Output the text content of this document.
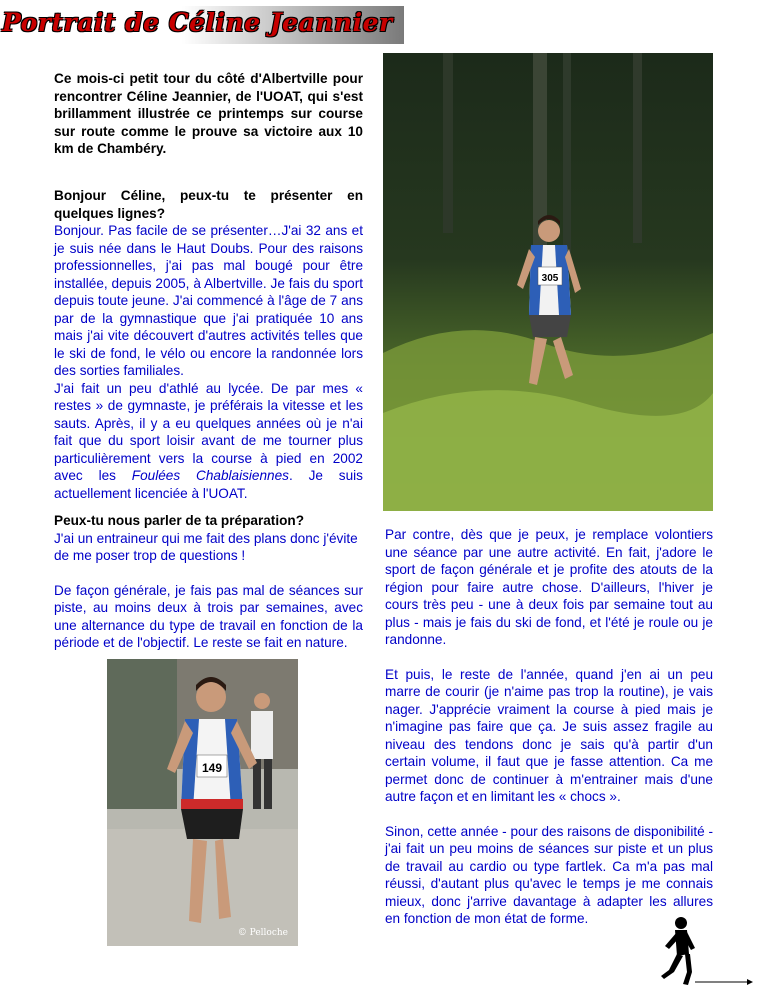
Portrait de Céline Jeannier
Ce mois-ci petit tour du côté d'Albertville pour rencontrer Céline Jeannier, de l'UOAT, qui s'est brillamment illustrée ce printemps sur course sur route comme le prouve sa victoire aux 10 km de Chambéry.

Bonjour Céline, peux-tu te présenter en quelques lignes?

Bonjour. Pas facile de se présenter…J'ai 32 ans et je suis née dans le Haut Doubs. Pour des raisons professionnelles, j'ai pas mal bougé pour être installée, depuis 2005, à Albertville. Je fais du sport depuis toute jeune. J'ai commencé à l'âge de 7 ans par de la gymnastique que j'ai pratiquée 10 ans mais j'ai vite découvert d'autres activités telles que le ski de fond, le vélo ou encore la randonnée lors des sorties familiales.

J'ai fait un peu d'athlé au lycée. De par mes « restes » de gymnaste, je préférais la vitesse et les sauts. Après, il y a eu quelques années où je n'ai fait que du sport loisir avant de me tourner plus particulièrement vers la course à pied en 2002 avec les Foulées Chablaisiennes. Je suis actuellement licenciée à l'UOAT.

Peux-tu nous parler de ta préparation?

J'ai un entraineur qui me fait des plans donc j'évite de me poser trop de questions !

De façon générale, je fais pas mal de séances sur piste, au moins deux à trois par semaines, avec une alternance du type de travail en fonction de la période et de l'objectif. Le reste se fait en nature.

Par contre, dès que je peux, je remplace volontiers une séance par une autre activité. En fait, j'adore le sport de façon générale et je profite des atouts de la région pour faire autre chose. D'ailleurs, l'hiver je cours très peu - une à deux fois par semaine tout au plus - mais je fais du ski de fond, et l'été je roule ou je randonne.

Et puis, le reste de l'année, quand j'en ai un peu marre de courir (je n'aime pas trop la routine), je vais nager. J'apprécie vraiment la course à pied mais je n'imagine pas faire que ça. Je suis assez fragile au niveau des tendons donc je sais qu'à partir d'un certain volume, il faut que je fasse attention. Ca me permet donc de continuer à m'entrainer mais d'une autre façon et en limitant les « chocs ».

Sinon, cette année - pour des raisons de disponibilité - j'ai fait un peu moins de séances sur piste et un plus de travail au cardio ou type fartlek. Ca m'a pas mal réussi, d'autant plus qu'avec le temps je me connais mieux, donc j'arrive davantage à adapter les allures en fonction de mon état de forme.

305
149
© Pelloche
